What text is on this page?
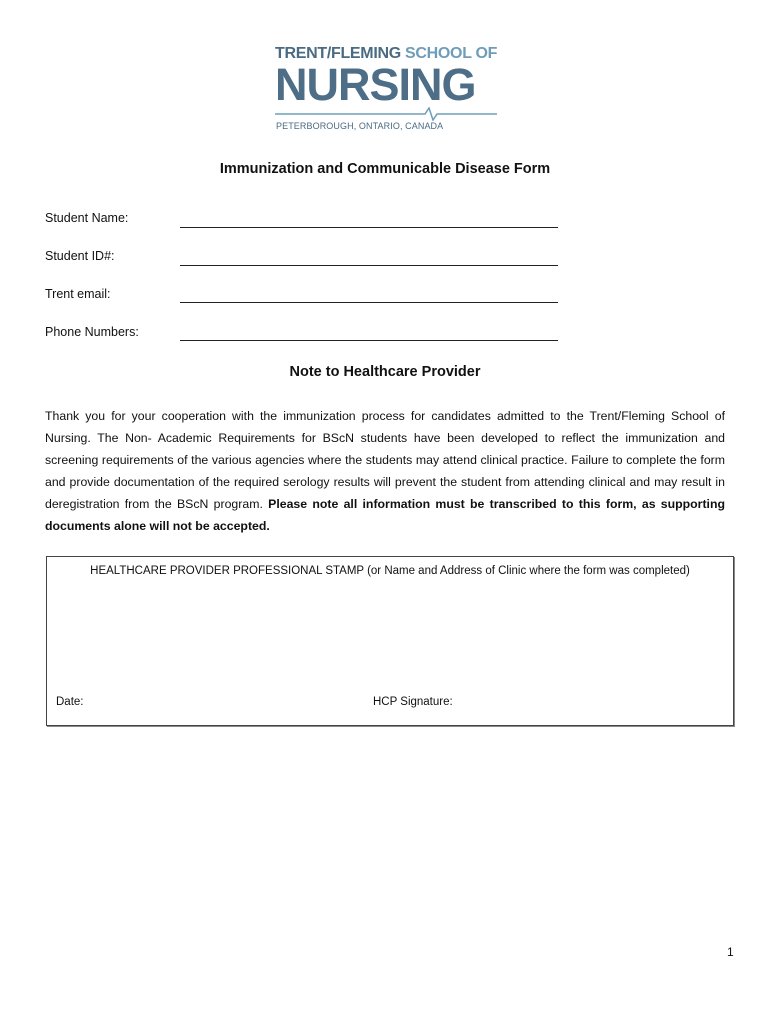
TRENT/FLEMING SCHOOL OF
NURSING
PETERBOROUGH, ONTARIO, CANADA
Immunization and Communicable Disease Form
Student Name:
Student ID#:
Trent email:
Phone Numbers:
Note to Healthcare Provider
Thank you for your cooperation with the immunization process for candidates admitted to the Trent/Fleming School of Nursing. The Non- Academic Requirements for BScN students have been developed to reflect the immunization and screening requirements of the various agencies where the students may attend clinical practice. Failure to complete the form and provide documentation of the required serology results will prevent the student from attending clinical and may result in deregistration from the BScN program. Please note all information must be transcribed to this form, as supporting documents alone will not be accepted.
HEALTHCARE PROVIDER PROFESSIONAL STAMP (or Name and Address of Clinic where the form was completed)
Date:	HCP Signature:
1
